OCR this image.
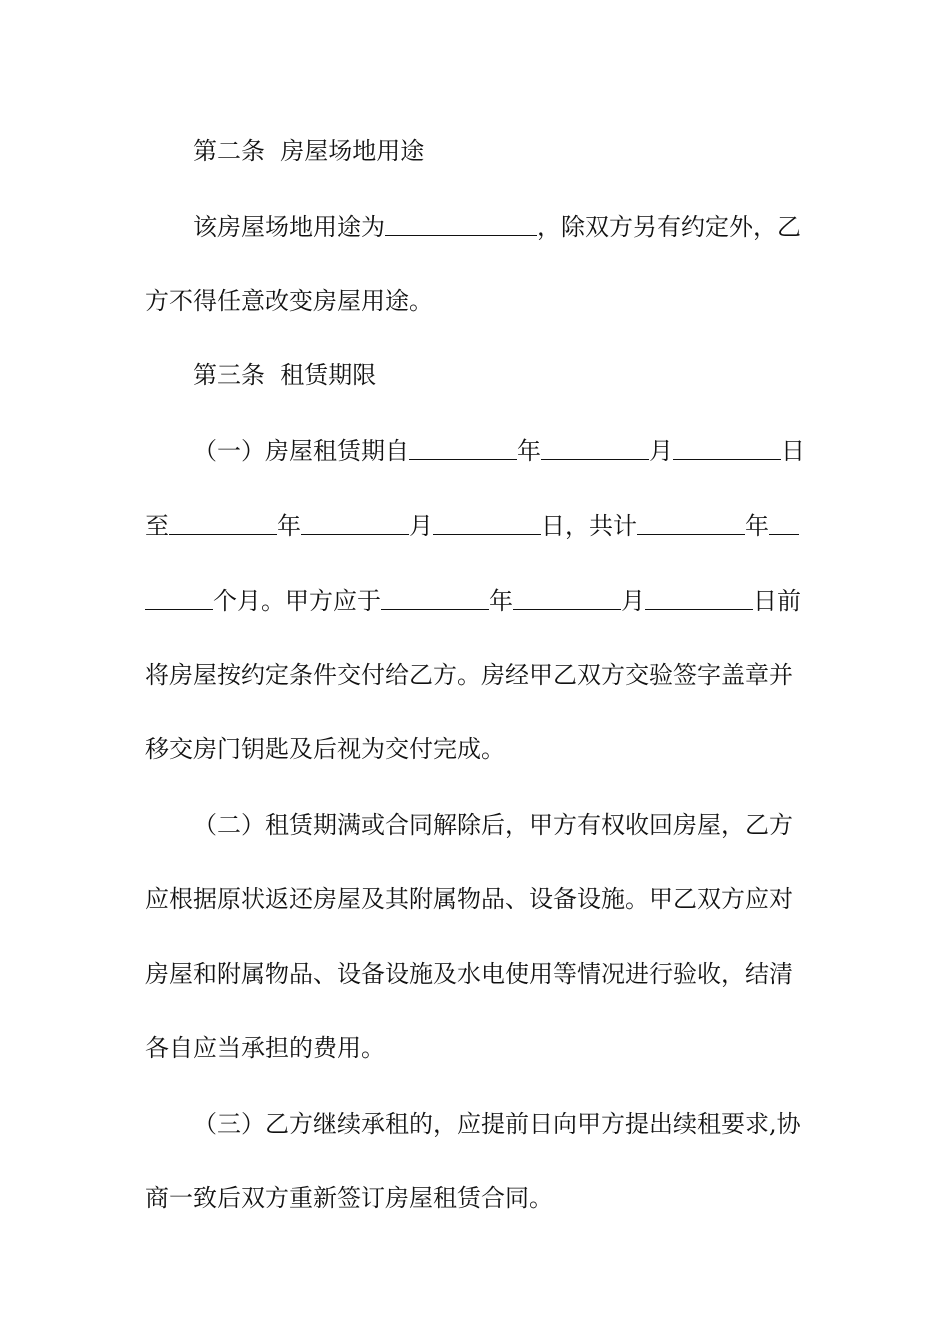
第二条  房屋场地用途
该房屋场地用途为	，除双方另有约定外，乙
方不得任意改变房屋用途。
第三条  租赁期限
（一）房屋租赁期自	年	月	日
至	年	月	日，共计	年
个月。甲方应于	年	月	日前
将房屋按约定条件交付给乙方。房经甲乙双方交验签字盖章并
移交房门钥匙及后视为交付完成。
（二）租赁期满或合同解除后，甲方有权收回房屋，乙方
应根据原状返还房屋及其附属物品、设备设施。甲乙双方应对
房屋和附属物品、设备设施及水电使用等情况进行验收，结清
各自应当承担的费用。
（三）乙方继续承租的，应提前日向甲方提出续租要求,协
商一致后双方重新签订房屋租赁合同。
